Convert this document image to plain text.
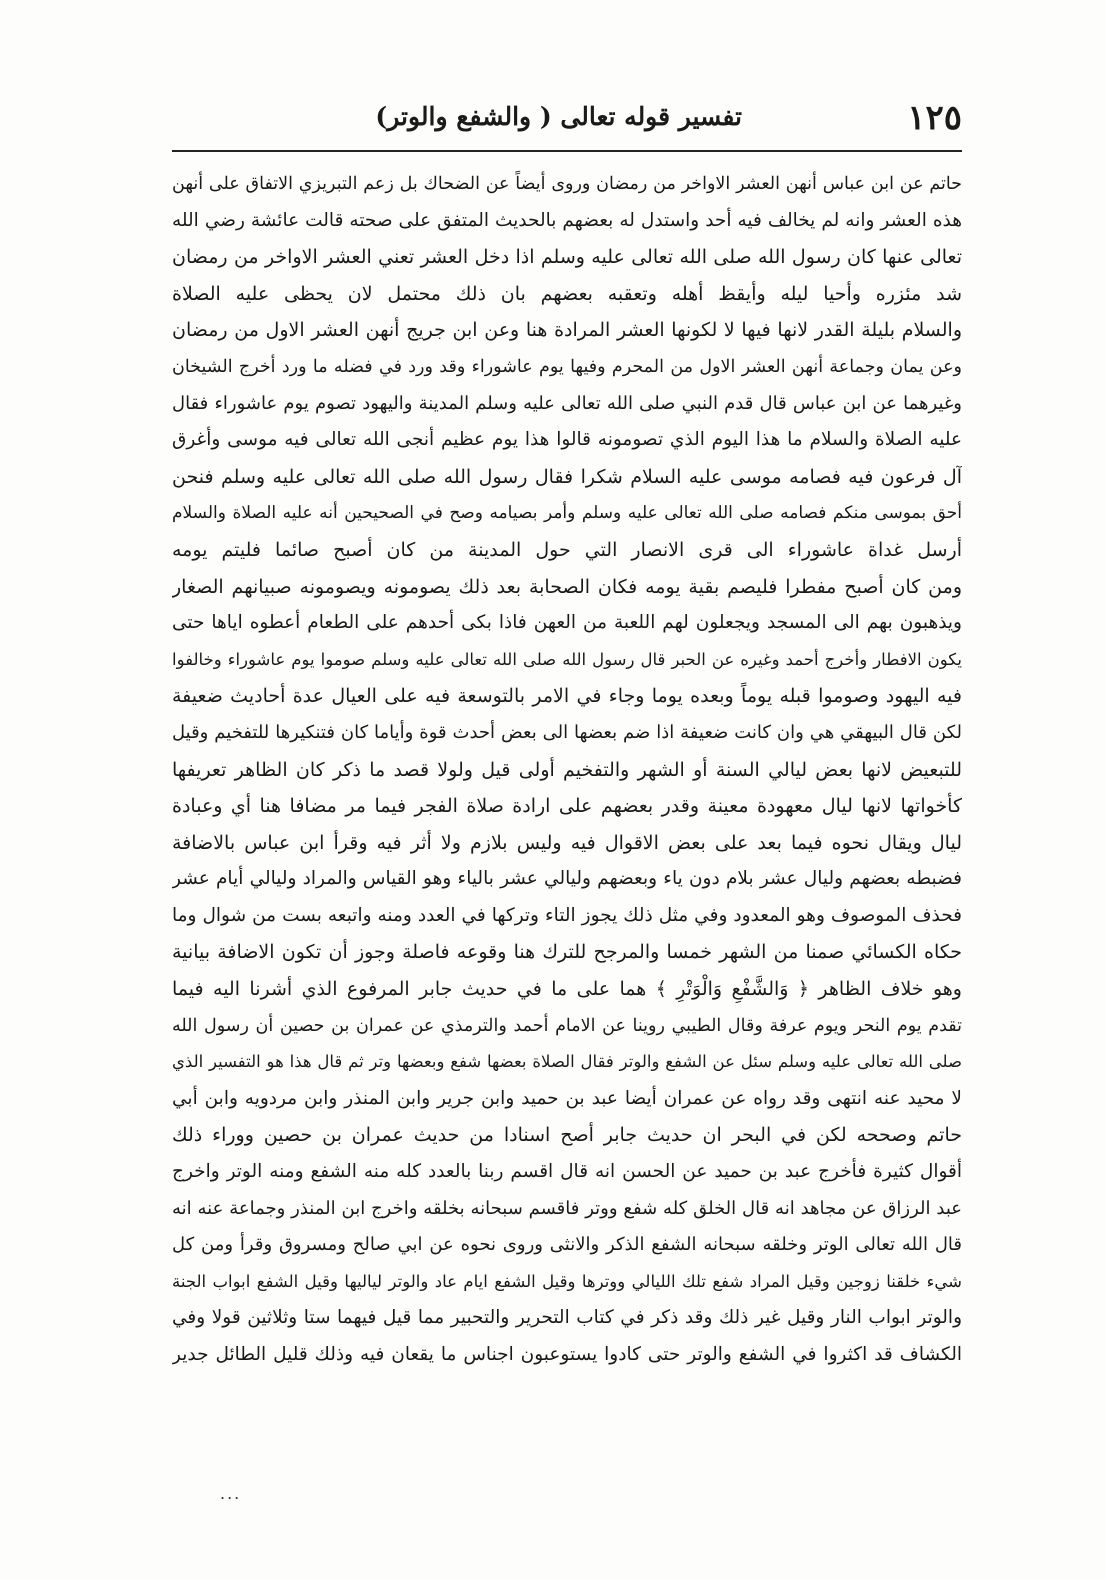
١٢٥
تفسير قوله تعالى ( والشفع والوتر)
حاتم عن ابن عباس أنهن العشر الاواخر من رمضان وروى أيضاً عن الضحاك بل زعم التبريزي الاتفاق على أنهن
هذه العشر وانه لم يخالف فيه أحد واستدل له بعضهم بالحديث المتفق على صحته قالت عائشة رضي الله
تعالى عنها كان رسول الله صلى الله تعالى عليه وسلم اذا دخل العشر تعني العشر الاواخر من رمضان
شد مئزره وأحيا ليله وأيقظ أهله وتعقبه بعضهم بان ذلك محتمل لان يحظى عليه الصلاة
والسلام بليلة القدر لانها فيها لا لكونها العشر المرادة هنا وعن ابن جريج أنهن العشر الاول من رمضان
وعن يمان وجماعة أنهن العشر الاول من المحرم وفيها يوم عاشوراء وقد ورد في فضله ما ورد أخرج الشيخان
وغيرهما عن ابن عباس قال قدم النبي صلى الله تعالى عليه وسلم المدينة واليهود تصوم يوم عاشوراء فقال
عليه الصلاة والسلام ما هذا اليوم الذي تصومونه قالوا هذا يوم عظيم أنجى الله تعالى فيه موسى وأغرق
آل فرعون فيه فصامه موسى عليه السلام شكرا فقال رسول الله صلى الله تعالى عليه وسلم فنحن
أحق بموسى منكم فصامه صلى الله تعالى عليه وسلم وأمر بصيامه وصح في الصحيحين أنه عليه الصلاة والسلام
أرسل غداة عاشوراء الى قرى الانصار التي حول المدينة من كان أصبح صائما فليتم يومه
ومن كان أصبح مفطرا فليصم بقية يومه فكان الصحابة بعد ذلك يصومونه ويصومونه صبيانهم الصغار
ويذهبون بهم الى المسجد ويجعلون لهم اللعبة من العهن فاذا بكى أحدهم على الطعام أعطوه اياها حتى
يكون الافطار وأخرج أحمد وغيره عن الحبر قال رسول الله صلى الله تعالى عليه وسلم صوموا يوم عاشوراء وخالفوا
فيه اليهود وصوموا قبله يوماً وبعده يوما وجاء في الامر بالتوسعة فيه على العيال عدة أحاديث ضعيفة
لكن قال البيهقي هي وان كانت ضعيفة اذا ضم بعضها الى بعض أحدث قوة وأياما كان فتنكيرها للتفخيم وقيل
للتبعيض لانها بعض ليالي السنة أو الشهر والتفخيم أولى قيل ولولا قصد ما ذكر كان الظاهر تعريفها
كأخواتها لانها ليال معهودة معينة وقدر بعضهم على ارادة صلاة الفجر فيما مر مضافا هنا أي وعبادة
ليال ويقال نحوه فيما بعد على بعض الاقوال فيه وليس بلازم ولا أثر فيه وقرأ ابن عباس بالاضافة
فضبطه بعضهم وليال عشر بلام دون ياء وبعضهم وليالي عشر بالياء وهو القياس والمراد وليالي أيام عشر
فحذف الموصوف وهو المعدود وفي مثل ذلك يجوز التاء وتركها في العدد ومنه واتبعه بست من شوال وما
حكاه الكسائي صمنا من الشهر خمسا والمرجح للترك هنا وقوعه فاصلة وجوز أن تكون الاضافة بيانية
وهو خلاف الظاهر ﴿ وَالشَّفْعِ وَالْوَتْرِ ﴾ هما على ما في حديث جابر المرفوع الذي أشرنا اليه فيما
تقدم يوم النحر ويوم عرفة وقال الطيبي روينا عن الامام أحمد والترمذي عن عمران بن حصين أن رسول الله
صلى الله تعالى عليه وسلم سئل عن الشفع والوتر فقال الصلاة بعضها شفع وبعضها وتر ثم قال هذا هو التفسير الذي
لا محيد عنه انتهى وقد رواه عن عمران أيضا عبد بن حميد وابن جرير وابن المنذر وابن مردويه وابن أبي
حاتم وصححه لكن في البحر ان حديث جابر أصح اسنادا من حديث عمران بن حصين ووراء ذلك
أقوال كثيرة فأخرج عبد بن حميد عن الحسن انه قال اقسم ربنا بالعدد كله منه الشفع ومنه الوتر واخرج
عبد الرزاق عن مجاهد انه قال الخلق كله شفع ووتر فاقسم سبحانه بخلقه واخرج ابن المنذر وجماعة عنه انه
قال الله تعالى الوتر وخلقه سبحانه الشفع الذكر والانثى وروى نحوه عن ابي صالح ومسروق وقرأ ومن كل
شيء خلقنا زوجين وقيل المراد شفع تلك الليالي ووترها وقيل الشفع ايام عاد والوتر لياليها وقيل الشفع ابواب الجنة
والوتر ابواب النار وقيل غير ذلك وقد ذكر في كتاب التحرير والتحبير مما قيل فيهما ستا وثلاثين قولا وفي
الكشاف قد اكثروا في الشفع والوتر حتى كادوا يستوعبون اجناس ما يقعان فيه وذلك قليل الطائل جدير
...
